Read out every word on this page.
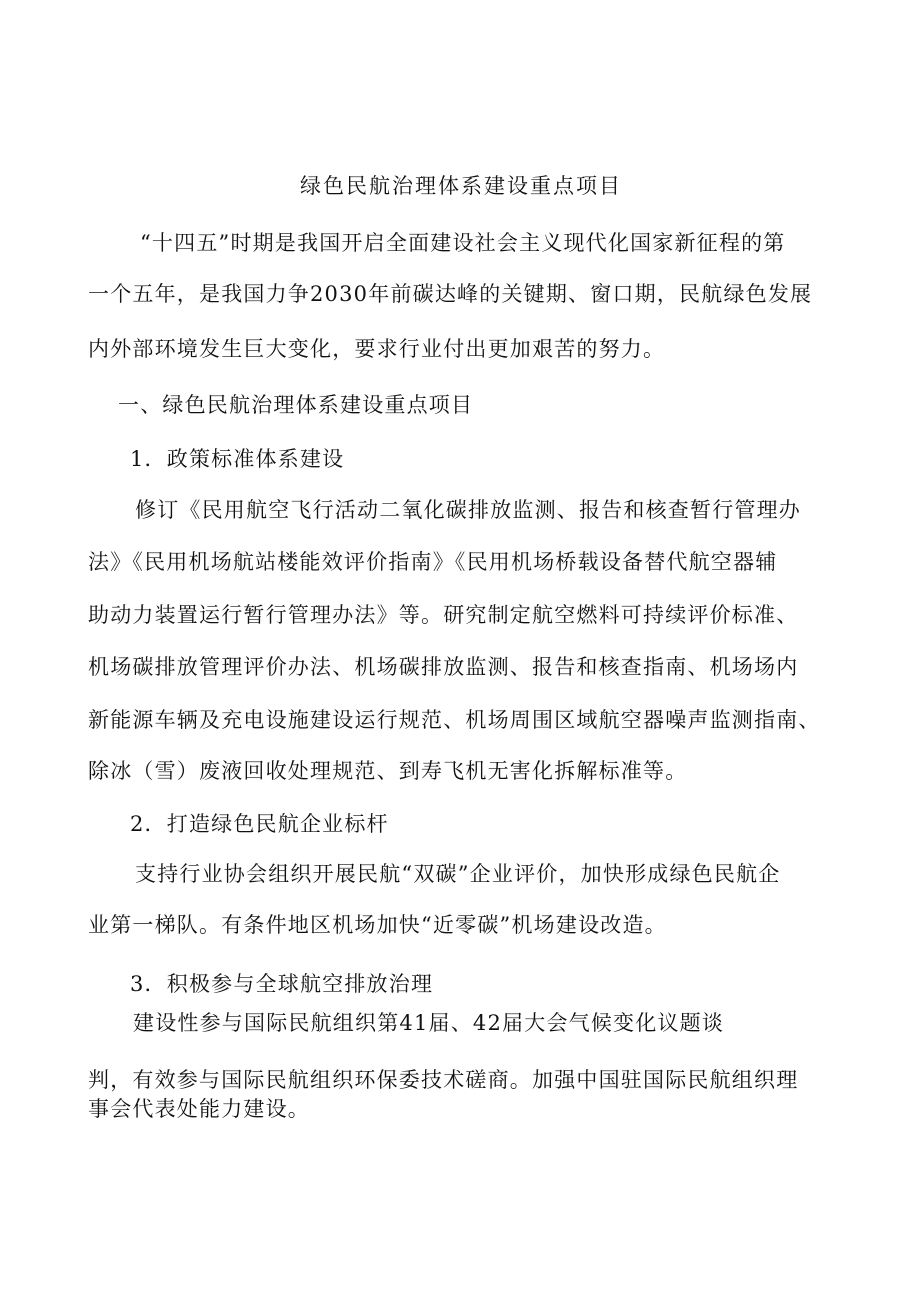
绿色民航治理体系建设重点项目
“十四五”时期是我国开启全面建设社会主义现代化国家新征程的第
一个五年，是我国力争2030年前碳达峰的关键期、窗口期，民航绿色发展
内外部环境发生巨大变化，要求行业付出更加艰苦的努力。
一、绿色民航治理体系建设重点项目
1．政策标准体系建设
修订《民用航空飞行活动二氧化碳排放监测、报告和核查暂行管理办
法》《民用机场航站楼能效评价指南》《民用机场桥载设备替代航空器辅
助动力装置运行暂行管理办法》等。研究制定航空燃料可持续评价标准、
机场碳排放管理评价办法、机场碳排放监测、报告和核查指南、机场场内
新能源车辆及充电设施建设运行规范、机场周围区域航空器噪声监测指南、
除冰（雪）废液回收处理规范、到寿飞机无害化拆解标准等。
2．打造绿色民航企业标杆
支持行业协会组织开展民航“双碳”企业评价，加快形成绿色民航企
业第一梯队。有条件地区机场加快“近零碳”机场建设改造。
3．积极参与全球航空排放治理
建设性参与国际民航组织第41届、42届大会气候变化议题谈
判，有效参与国际民航组织环保委技术磋商。加强中国驻国际民航组织理
事会代表处能力建设。
